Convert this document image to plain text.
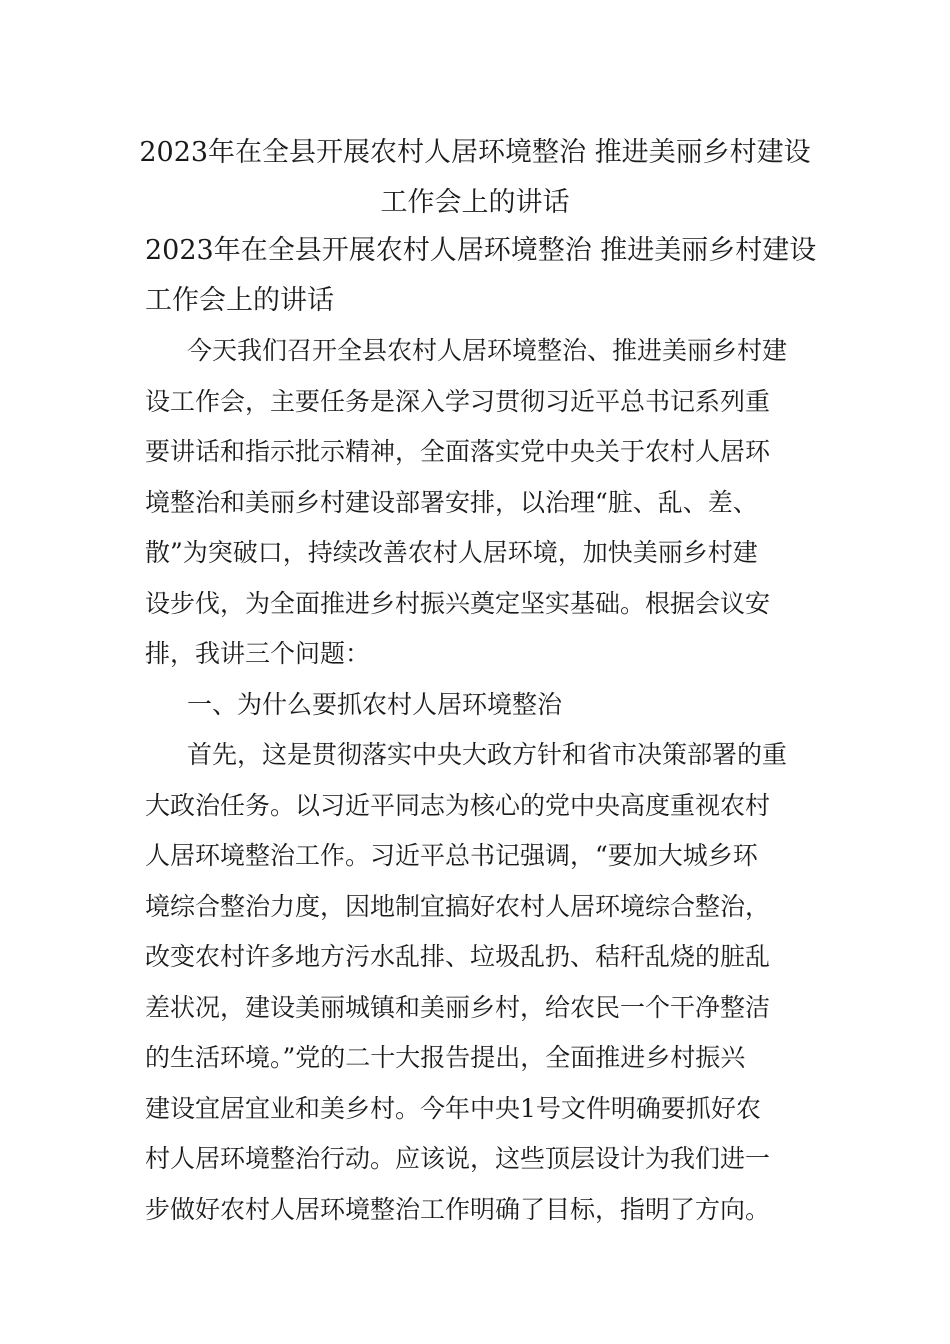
2023年在全县开展农村人居环境整治 推进美丽乡村建设
工作会上的讲话
2023年在全县开展农村人居环境整治 推进美丽乡村建设
工作会上的讲话
今天我们召开全县农村人居环境整治、推进美丽乡村建
设工作会，主要任务是深入学习贯彻习近平总书记系列重
要讲话和指示批示精神，全面落实党中央关于农村人居环
境整治和美丽乡村建设部署安排，以治理“脏、乱、差、
散”为突破口，持续改善农村人居环境，加快美丽乡村建
设步伐，为全面推进乡村振兴奠定坚实基础。根据会议安
排，我讲三个问题：
一、为什么要抓农村人居环境整治
首先，这是贯彻落实中央大政方针和省市决策部署的重
大政治任务。以习近平同志为核心的党中央高度重视农村
人居环境整治工作。习近平总书记强调，“要加大城乡环
境综合整治力度，因地制宜搞好农村人居环境综合整治，
改变农村许多地方污水乱排、垃圾乱扔、秸秆乱烧的脏乱
差状况，建设美丽城镇和美丽乡村，给农民一个干净整洁
的生活环境。”党的二十大报告提出，全面推进乡村振兴
建设宜居宜业和美乡村。今年中央1号文件明确要抓好农
村人居环境整治行动。应该说，这些顶层设计为我们进一
步做好农村人居环境整治工作明确了目标，指明了方向。
